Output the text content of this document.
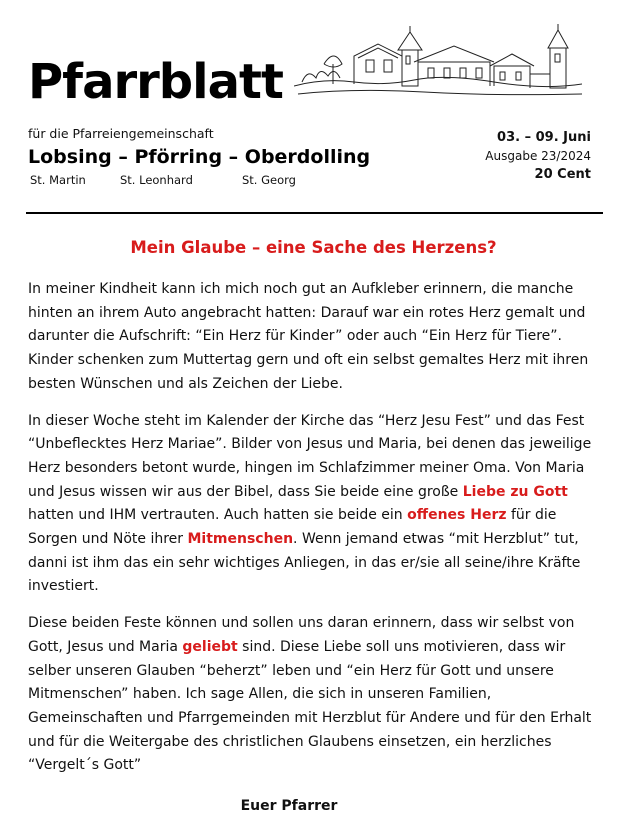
Pfarrblatt
für die Pfarreiengemeinschaft
Lobsing – Pförring – Oberdolling
St. Martin	St. Leonhard	St. Georg
03. – 09. Juni
Ausgabe 23/2024
20 Cent
Mein Glaube – eine Sache des Herzens?

In meiner Kindheit kann ich mich noch gut an Aufkleber erinnern, die manche hinten an ihrem Auto angebracht hatten: Darauf war ein rotes Herz gemalt und darunter die Aufschrift: “Ein Herz für Kinder” oder auch “Ein Herz für Tiere”. Kinder schenken zum Muttertag gern und oft ein selbst gemaltes Herz mit ihren besten Wünschen und als Zeichen der Liebe.

In dieser Woche steht im Kalender der Kirche das “Herz Jesu Fest” und das Fest “Unbeflecktes Herz Mariae”. Bilder von Jesus und Maria, bei denen das jeweilige Herz besonders betont wurde, hingen im Schlafzimmer meiner Oma. Von Maria und Jesus wissen wir aus der Bibel, dass Sie beide eine große Liebe zu Gott hatten und IHM vertrauten. Auch hatten sie beide ein offenes Herz für die Sorgen und Nöte ihrer Mitmenschen. Wenn jemand etwas “mit Herzblut” tut, danni ist ihm das ein sehr wichtiges Anliegen, in das er/sie all seine/ihre Kräfte investiert.

Diese beiden Feste können und sollen uns daran erinnern, dass wir selbst von Gott, Jesus und Maria geliebt sind. Diese Liebe soll uns motivieren, dass wir selber unseren Glauben “beherzt” leben und “ein Herz für Gott und unsere Mitmenschen” haben. Ich sage Allen, die sich in unseren Familien, Gemeinschaften und Pfarrgemeinden mit Herzblut für Andere und für den Erhalt und für die Weitergabe des christlichen Glaubens einsetzen, ein herzliches “Vergelt´s Gott”

Euer Pfarrer
